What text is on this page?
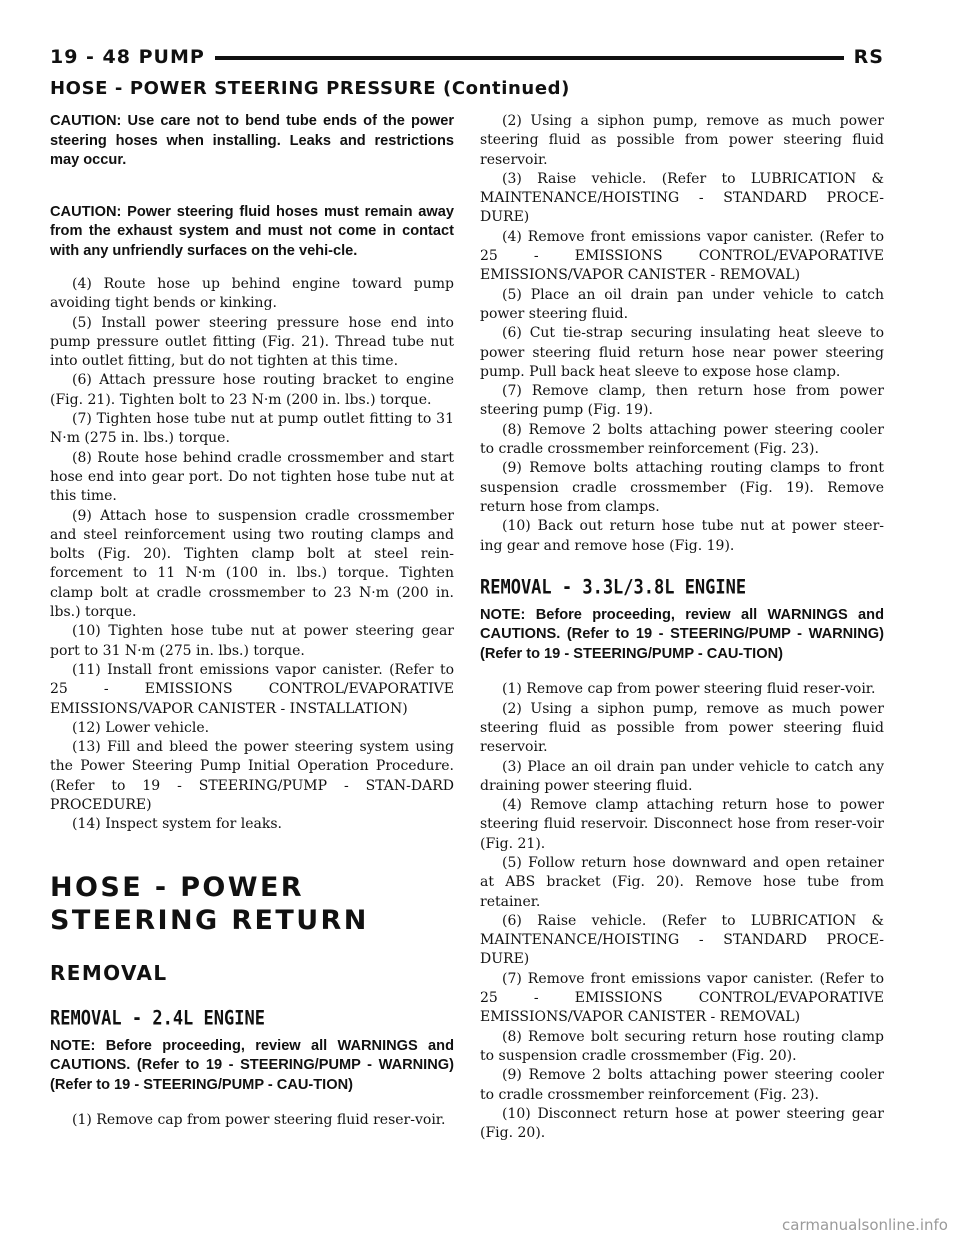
19 - 48 PUMP	RS
HOSE - POWER STEERING PRESSURE (Continued)

CAUTION: Use care not to bend tube ends of the power steering hoses when installing. Leaks and restrictions may occur.

CAUTION: Power steering fluid hoses must remain away from the exhaust system and must not come in contact with any unfriendly surfaces on the vehi-cle.

(4) Route hose up behind engine toward pump avoiding tight bends or kinking.

(5) Install power steering pressure hose end into pump pressure outlet fitting (Fig. 21). Thread tube nut into outlet fitting, but do not tighten at this time.

(6) Attach pressure hose routing bracket to engine (Fig. 21). Tighten bolt to 23 N·m (200 in. lbs.) torque.

(7) Tighten hose tube nut at pump outlet fitting to 31 N·m (275 in. lbs.) torque.

(8) Route hose behind cradle crossmember and start hose end into gear port. Do not tighten hose tube nut at this time.

(9) Attach hose to suspension cradle crossmember and steel reinforcement using two routing clamps and bolts (Fig. 20). Tighten clamp bolt at steel rein-forcement to 11 N·m (100 in. lbs.) torque. Tighten clamp bolt at cradle crossmember to 23 N·m (200 in. lbs.) torque.

(10) Tighten hose tube nut at power steering gear port to 31 N·m (275 in. lbs.) torque.

(11) Install front emissions vapor canister. (Refer to 25 - EMISSIONS CONTROL/EVAPORATIVE EMISSIONS/VAPOR CANISTER - INSTALLATION)

(12) Lower vehicle.

(13) Fill and bleed the power steering system using the Power Steering Pump Initial Operation Procedure. (Refer to 19 - STEERING/PUMP - STAN-DARD PROCEDURE)

(14) Inspect system for leaks.

HOSE - POWER STEERING RETURN
REMOVAL
REMOVAL - 2.4L ENGINE

NOTE: Before proceeding, review all WARNINGS and CAUTIONS. (Refer to 19 - STEERING/PUMP - WARNING)(Refer to 19 - STEERING/PUMP - CAU-TION)

(1) Remove cap from power steering fluid reser-voir.

(2) Using a siphon pump, remove as much power steering fluid as possible from power steering fluid reservoir.

(3) Raise vehicle. (Refer to LUBRICATION & MAINTENANCE/HOISTING - STANDARD PROCE-DURE)

(4) Remove front emissions vapor canister. (Refer to 25 - EMISSIONS CONTROL/EVAPORATIVE EMISSIONS/VAPOR CANISTER - REMOVAL)

(5) Place an oil drain pan under vehicle to catch power steering fluid.

(6) Cut tie-strap securing insulating heat sleeve to power steering fluid return hose near power steering pump. Pull back heat sleeve to expose hose clamp.

(7) Remove clamp, then return hose from power steering pump (Fig. 19).

(8) Remove 2 bolts attaching power steering cooler to cradle crossmember reinforcement (Fig. 23).

(9) Remove bolts attaching routing clamps to front suspension cradle crossmember (Fig. 19). Remove return hose from clamps.

(10) Back out return hose tube nut at power steer-ing gear and remove hose (Fig. 19).

REMOVAL - 3.3L/3.8L ENGINE

NOTE: Before proceeding, review all WARNINGS and CAUTIONS. (Refer to 19 - STEERING/PUMP - WARNING)(Refer to 19 - STEERING/PUMP - CAU-TION)

(1) Remove cap from power steering fluid reser-voir.

(2) Using a siphon pump, remove as much power steering fluid as possible from power steering fluid reservoir.

(3) Place an oil drain pan under vehicle to catch any draining power steering fluid.

(4) Remove clamp attaching return hose to power steering fluid reservoir. Disconnect hose from reser-voir (Fig. 21).

(5) Follow return hose downward and open retainer at ABS bracket (Fig. 20). Remove hose tube from retainer.

(6) Raise vehicle. (Refer to LUBRICATION & MAINTENANCE/HOISTING - STANDARD PROCE-DURE)

(7) Remove front emissions vapor canister. (Refer to 25 - EMISSIONS CONTROL/EVAPORATIVE EMISSIONS/VAPOR CANISTER - REMOVAL)

(8) Remove bolt securing return hose routing clamp to suspension cradle crossmember (Fig. 20).

(9) Remove 2 bolts attaching power steering cooler to cradle crossmember reinforcement (Fig. 23).

(10) Disconnect return hose at power steering gear (Fig. 20).

carmanualsonline.info
